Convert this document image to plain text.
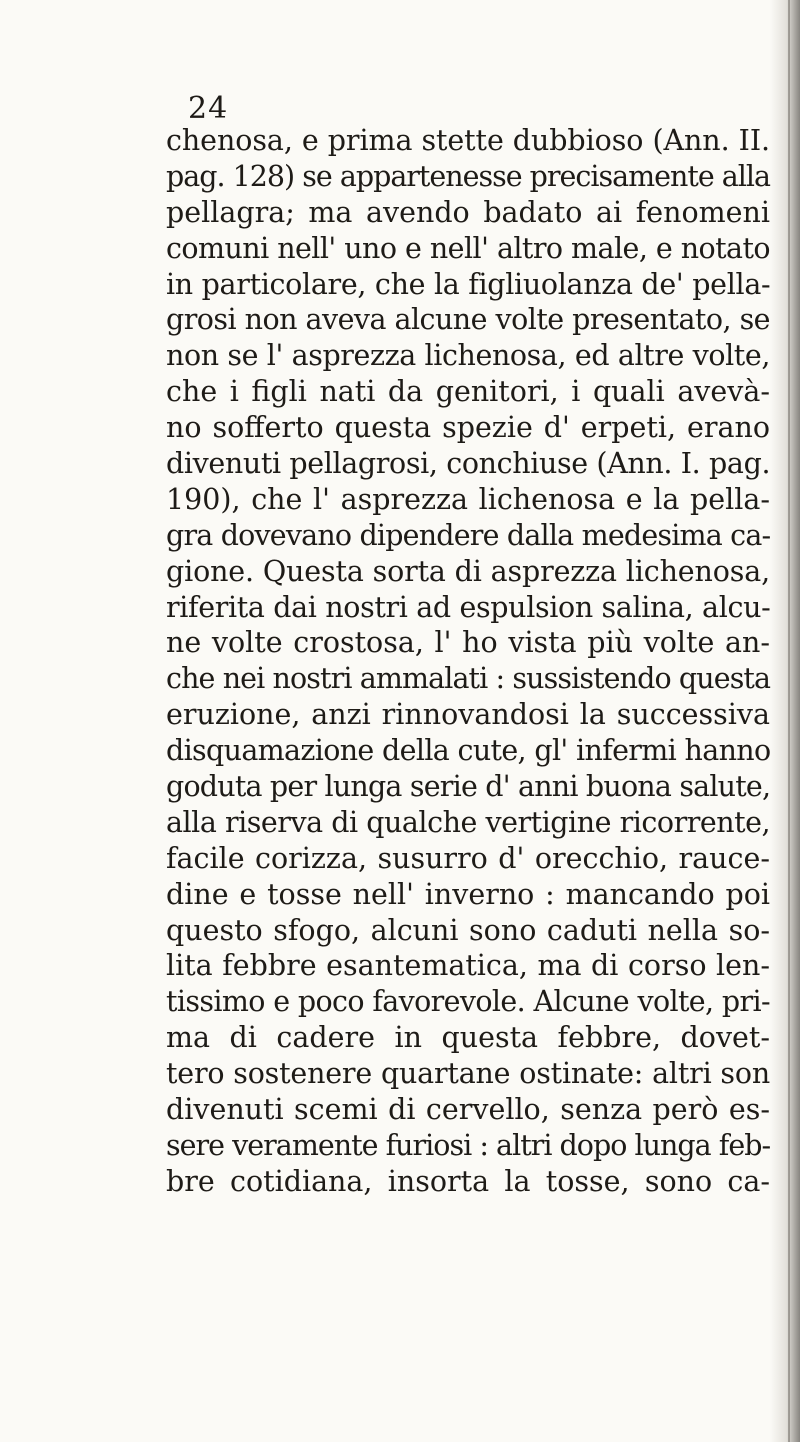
24
chenosa, e prima stette dubbioso (Ann. II.
pag. 128) se appartenesse precisamente alla
pellagra; ma avendo badato ai fenomeni
comuni nell' uno e nell' altro male, e notato
in particolare, che la figliuolanza de' pella-
grosi non aveva alcune volte presentato, se
non se l' asprezza lichenosa, ed altre volte,
che i figli nati da genitori, i quali avevà-
no sofferto questa spezie d' erpeti, erano
divenuti pellagrosi, conchiuse (Ann. I. pag.
190), che l' asprezza lichenosa e la pella-
gra dovevano dipendere dalla medesima ca-
gione. Questa sorta di asprezza lichenosa,
riferita dai nostri ad espulsion salina, alcu-
ne volte crostosa, l' ho vista più volte an-
che nei nostri ammalati : sussistendo questa
eruzione, anzi rinnovandosi la successiva
disquamazione della cute, gl' infermi hanno
goduta per lunga serie d' anni buona salute,
alla riserva di qualche vertigine ricorrente,
facile corizza, susurro d' orecchio, rauce-
dine e tosse nell' inverno : mancando poi
questo sfogo, alcuni sono caduti nella so-
lita febbre esantematica, ma di corso len-
tissimo e poco favorevole. Alcune volte, pri-
ma di cadere in questa febbre, dovet-
tero sostenere quartane ostinate: altri son
divenuti scemi di cervello, senza però es-
sere veramente furiosi : altri dopo lunga feb-
bre cotidiana, insorta la tosse, sono ca-
